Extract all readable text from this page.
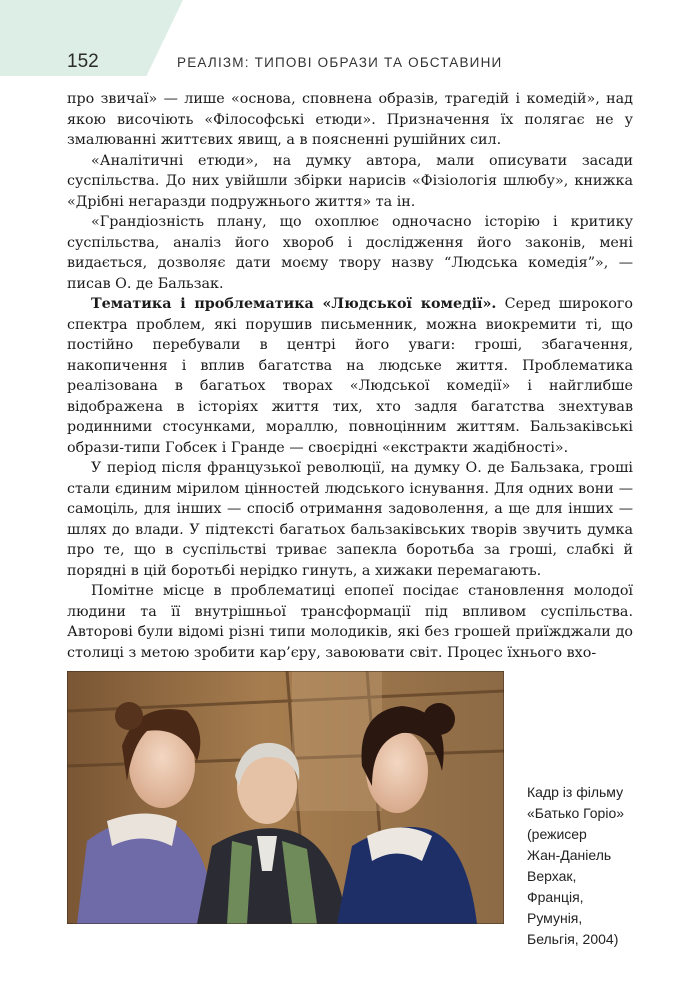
152	РЕАЛІЗМ: ТИПОВІ ОБРАЗИ ТА ОБСТАВИНИ

про звичаї» — лише «основа, сповнена образів, трагедій і комедій», над якою височіють «Філософські етюди». Призначення їх полягає не у змалюванні життєвих явищ, а в поясненні рушійних сил.

«Аналітичні етюди», на думку автора, мали описувати засади суспільства. До них увійшли збірки нарисів «Фізіологія шлюбу», книжка «Дрібні негаразди подружнього життя» та ін.

«Грандіозність плану, що охоплює одночасно історію і критику суспільства, аналіз його хвороб і дослідження його законів, мені видається, дозволяє дати моєму твору назву “Людська комедія”», — писав О. де Бальзак.

Тематика і проблематика «Людської комедії». Серед широкого спектра проблем, які порушив письменник, можна виокремити ті, що постійно перебували в центрі його уваги: гроші, збагачення, накопичення і вплив багатства на людське життя. Проблематика реалізована в багатьох творах «Людської комедії» і найглибше відображена в історіях життя тих, хто задля багатства знехтував родинними стосунками, мораллю, повноцінним життям. Бальзаківські образи-типи Гобсек і Гранде — своєрідні «екстракти жадібності».

У період після французької революції, на думку О. де Бальзака, гроші стали єдиним мірилом цінностей людського існування. Для одних вони — самоціль, для інших — спосіб отримання задоволення, а ще для інших — шлях до влади. У підтексті багатьох бальзаківських творів звучить думка про те, що в суспільстві триває запекла боротьба за гроші, слабкі й порядні в цій боротьбі нерідко гинуть, а хижаки перемагають.

Помітне місце в проблематиці епопеї посідає становлення молодої людини та її внутрішньої трансформації під впливом суспільства. Авторові були відомі різні типи молодиків, які без грошей приїжджали до столиці з метою зробити кар’єру, завоювати світ. Процес їхнього вхо-

Кадр із фільму
«Батько Горіо»
(режисер
Жан-Даніель
Верхак,
Франція,
Румунія,
Бельгія, 2004)
